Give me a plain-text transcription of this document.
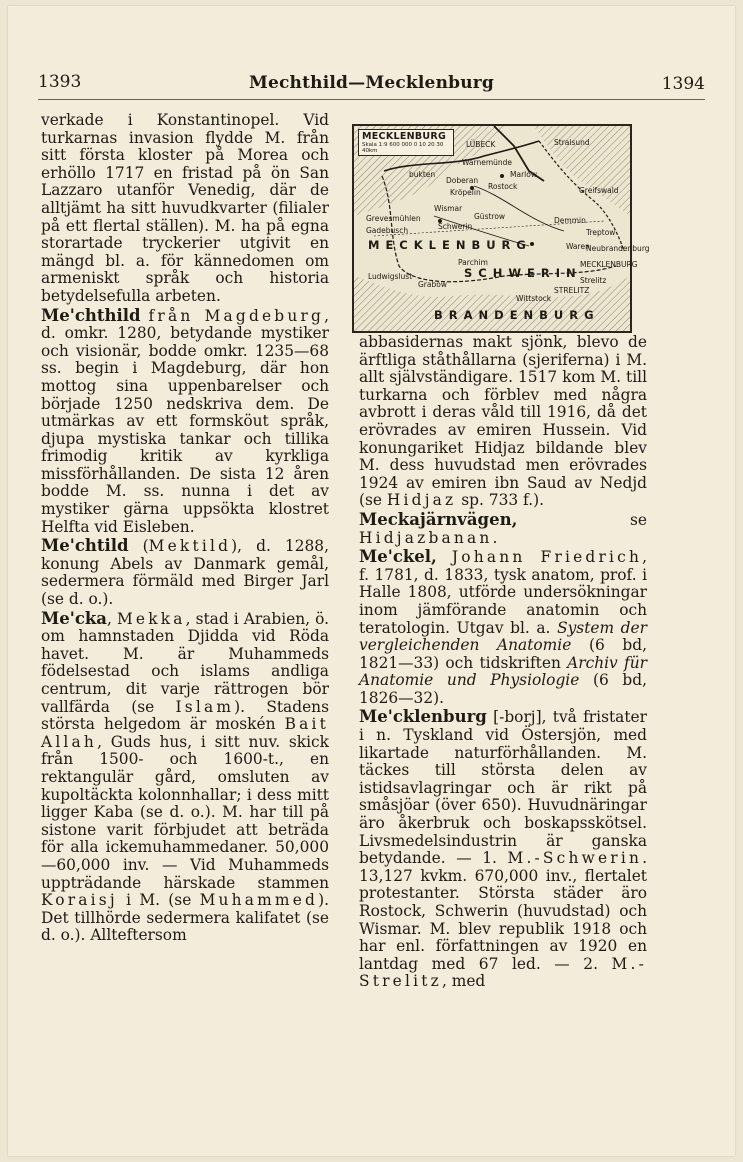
1393	Mechthild—Mecklenburg	1394

verkade i Konstantinopel. Vid turkarnas invasion flydde M. från sitt första kloster på Morea och erhöllo 1717 en fristad på ön San Lazzaro utanför Venedig, där de alltjämt ha sitt huvudkvarter (filialer på ett flertal ställen). M. ha på egna storartade tryckerier utgivit en mängd bl. a. för kännedomen om armeniskt språk och historia betydelsefulla arbeten.

Me'chthild från Magdeburg, d. omkr. 1280, betydande mystiker och visionär, bodde omkr. 1235—68 ss. begin i Magdeburg, där hon mottog sina uppenbarelser och började 1250 nedskriva dem. De utmärkas av ett formsköut språk, djupa mystiska tankar och tillika frimodig kritik av kyrkliga missförhållanden. De sista 12 åren bodde M. ss. nunna i det av mystiker gärna uppsökta klostret Helfta vid Eisleben.

Me'chtild (Mektild), d. 1288, konung Abels av Danmark gemål, sedermera förmäld med Birger Jarl (se d. o.).

Me'cka, Mekka, stad i Arabien, ö. om hamnstaden Djidda vid Röda havet. M. är Muhammeds födelsestad och islams andliga centrum, dit varje rättrogen bör vallfärda (se Islam). Stadens största helgedom är moskén Bait Allah, Guds hus, i sitt nuv. skick från 1500- och 1600-t., en rektangulär gård, omsluten av kupoltäckta kolonnhallar; i dess mitt ligger Kaba (se d. o.). M. har till på sistone varit förbjudet att beträda för alla ickemuhammedaner. 50,000—60,000 inv. — Vid Muhammeds uppträdande härskade stammen Koraisj i M. (se Muhammed). Det tillhörde sedermera kalifatet (se d. o.). Allteftersom

MECKLENBURG
Skala 1:9 600 000 0 10 20 30 40km
bukten
Warnemünde
LÜBECK
Doberan
Kröpelin
Rostock
Marlow
Stralsund
Greifswald
Wismar
Grevesmühlen	Güstrow
Gadebusch	Schwerin
Demmin
Treptow
Waren
Neubrandenburg
Parchim	MECKLENBURG
Ludwigslust
Grabow
Wittstock
Strelitz
STRELITZ
MECKLENBURG
SCHWERIN
BRANDENBURG

abbasidernas makt sjönk, blevo de ärftliga ståthållarna (sjeriferna) i M. allt självständigare. 1517 kom M. till turkarna och förblev med några avbrott i deras våld till 1916, då det erövrades av emiren Hussein. Vid konungariket Hidjaz bildande blev M. dess huvudstad men erövrades 1924 av emiren ibn Saud av Nedjd (se Hidjaz sp. 733 f.).

Meckajärnvägen, se Hidjazbanan.

Me'ckel, Johann Friedrich, f. 1781, d. 1833, tysk anatom, prof. i Halle 1808, utförde undersökningar inom jämförande anatomin och teratologin. Utgav bl. a. System der vergleichenden Anatomie (6 bd, 1821—33) och tidskriften Archiv für Anatomie und Physiologie (6 bd, 1826—32).

Me'cklenburg [-borj], två fristater i n. Tyskland vid Östersjön, med likartade naturförhållanden. M. täckes till största delen av istidsavlagringar och är rikt på småsjöar (över 650). Huvudnäringar äro åkerbruk och boskapsskötsel. Livsmedelsindustrin är ganska betydande. — 1. M.-Schwerin. 13,127 kvkm. 670,000 inv., flertalet protestanter. Största städer äro Rostock, Schwerin (huvudstad) och Wismar. M. blev republik 1918 och har enl. författningen av 1920 en lantdag med 67 led. — 2. M.-Strelitz, med
